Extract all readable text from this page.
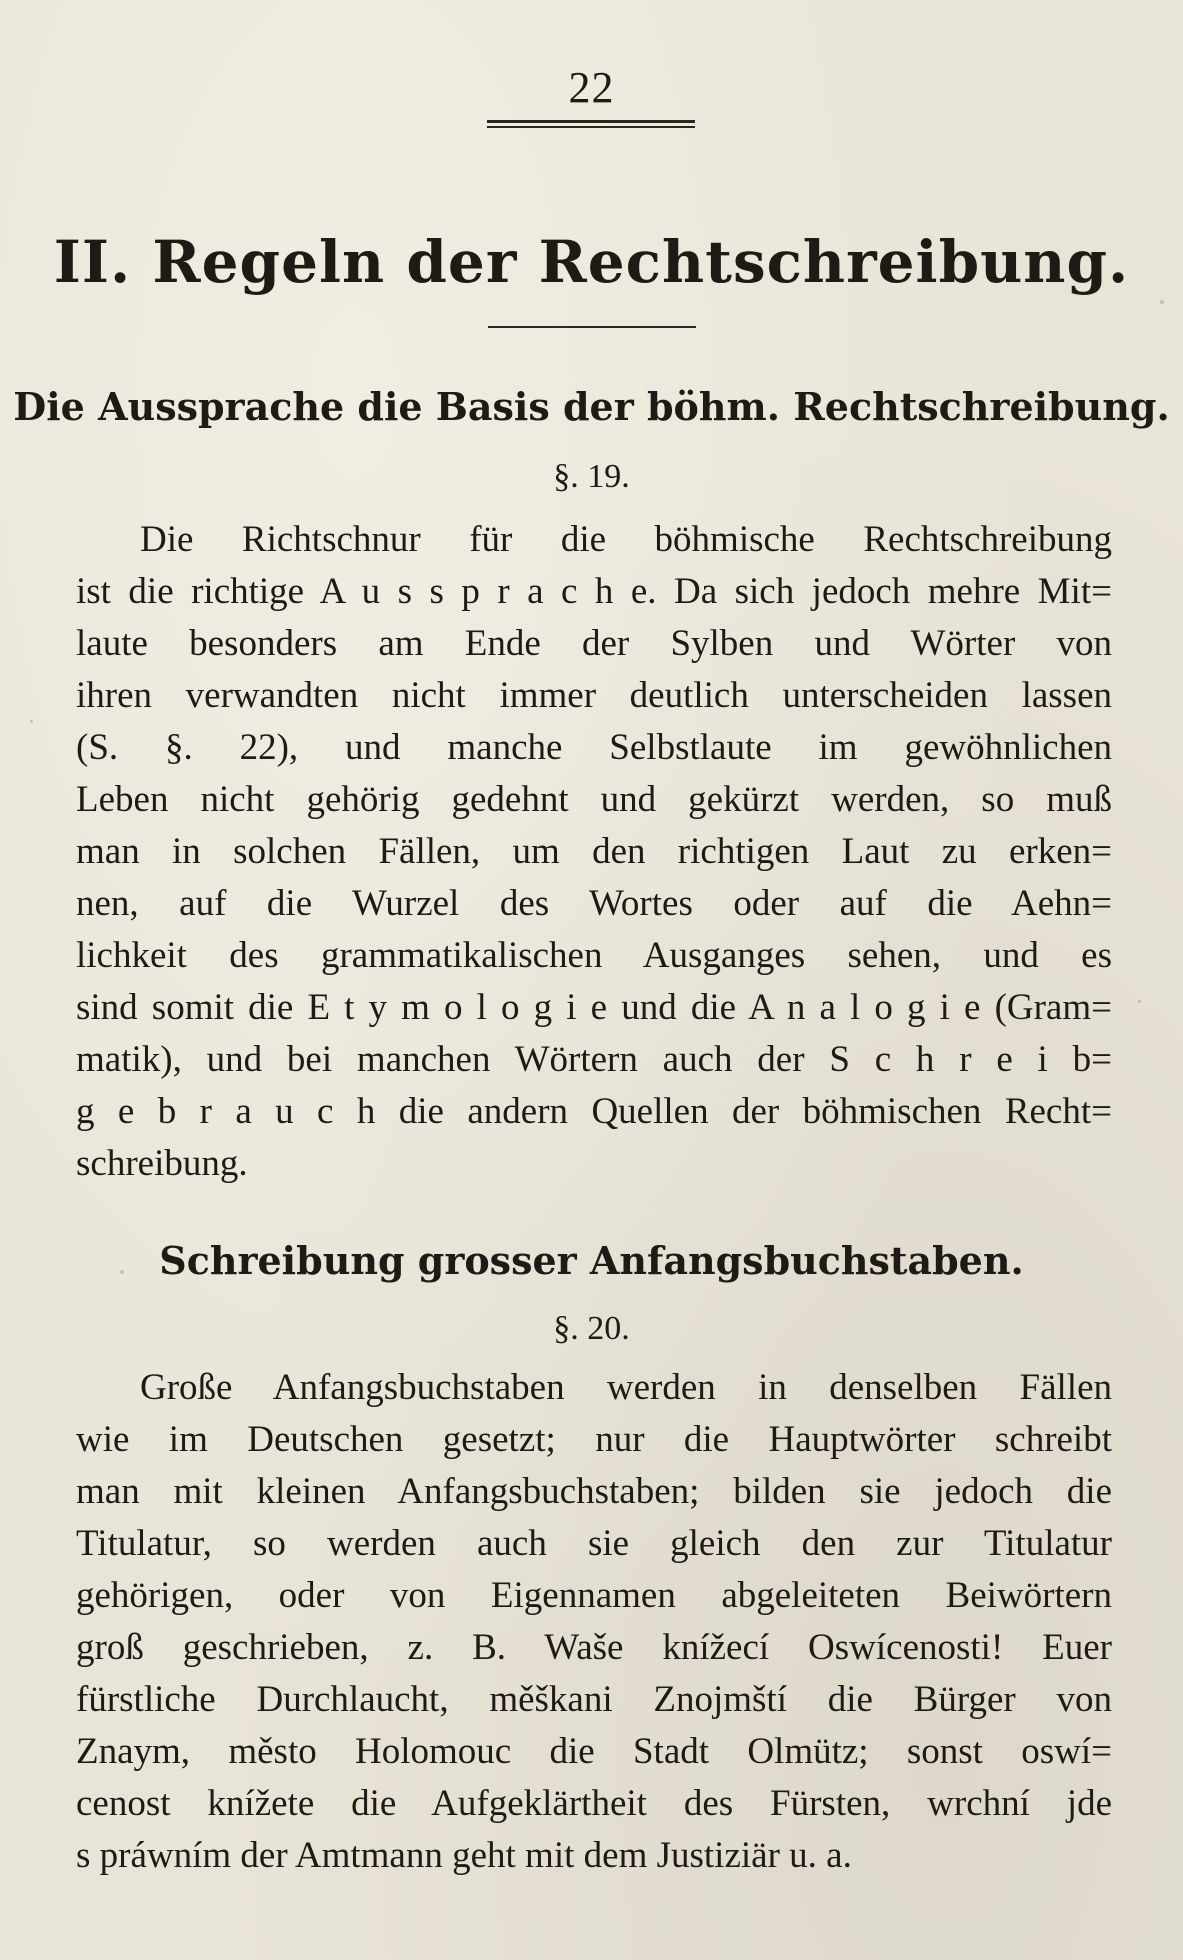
22
II. Regeln der Rechtschreibung.
Die Aussprache die Basis der böhm. Rechtschreibung.
§. 19.
Die Richtschnur für die böhmische Rechtschreibung
ist die richtige A u s s p r a c h e. Da sich jedoch mehre Mit=
laute besonders am Ende der Sylben und Wörter von
ihren verwandten nicht immer deutlich unterscheiden lassen
(S. §. 22), und manche Selbstlaute im gewöhnlichen
Leben nicht gehörig gedehnt und gekürzt werden, so muß
man in solchen Fällen, um den richtigen Laut zu erken=
nen, auf die Wurzel des Wortes oder auf die Aehn=
lichkeit des grammatikalischen Ausganges sehen, und es
sind somit die E t y m o l o g i e und die A n a l o g i e (Gram=
matik), und bei manchen Wörtern auch der S c h r e i b=
g e b r a u c h die andern Quellen der böhmischen Recht=
schreibung.
Schreibung grosser Anfangsbuchstaben.
§. 20.
Große Anfangsbuchstaben werden in denselben Fällen
wie im Deutschen gesetzt; nur die Hauptwörter schreibt
man mit kleinen Anfangsbuchstaben; bilden sie jedoch die
Titulatur, so werden auch sie gleich den zur Titulatur
gehörigen, oder von Eigennamen abgeleiteten Beiwörtern
groß geschrieben, z. B. Waše knížecí Oswícenosti! Euer
fürstliche Durchlaucht, měškani Znojmští die Bürger von
Znaym, město Holomouc die Stadt Olmütz; sonst oswí=
cenost knížete die Aufgeklärtheit des Fürsten, wrchní jde
s práwním der Amtmann geht mit dem Justiziär u. a.
